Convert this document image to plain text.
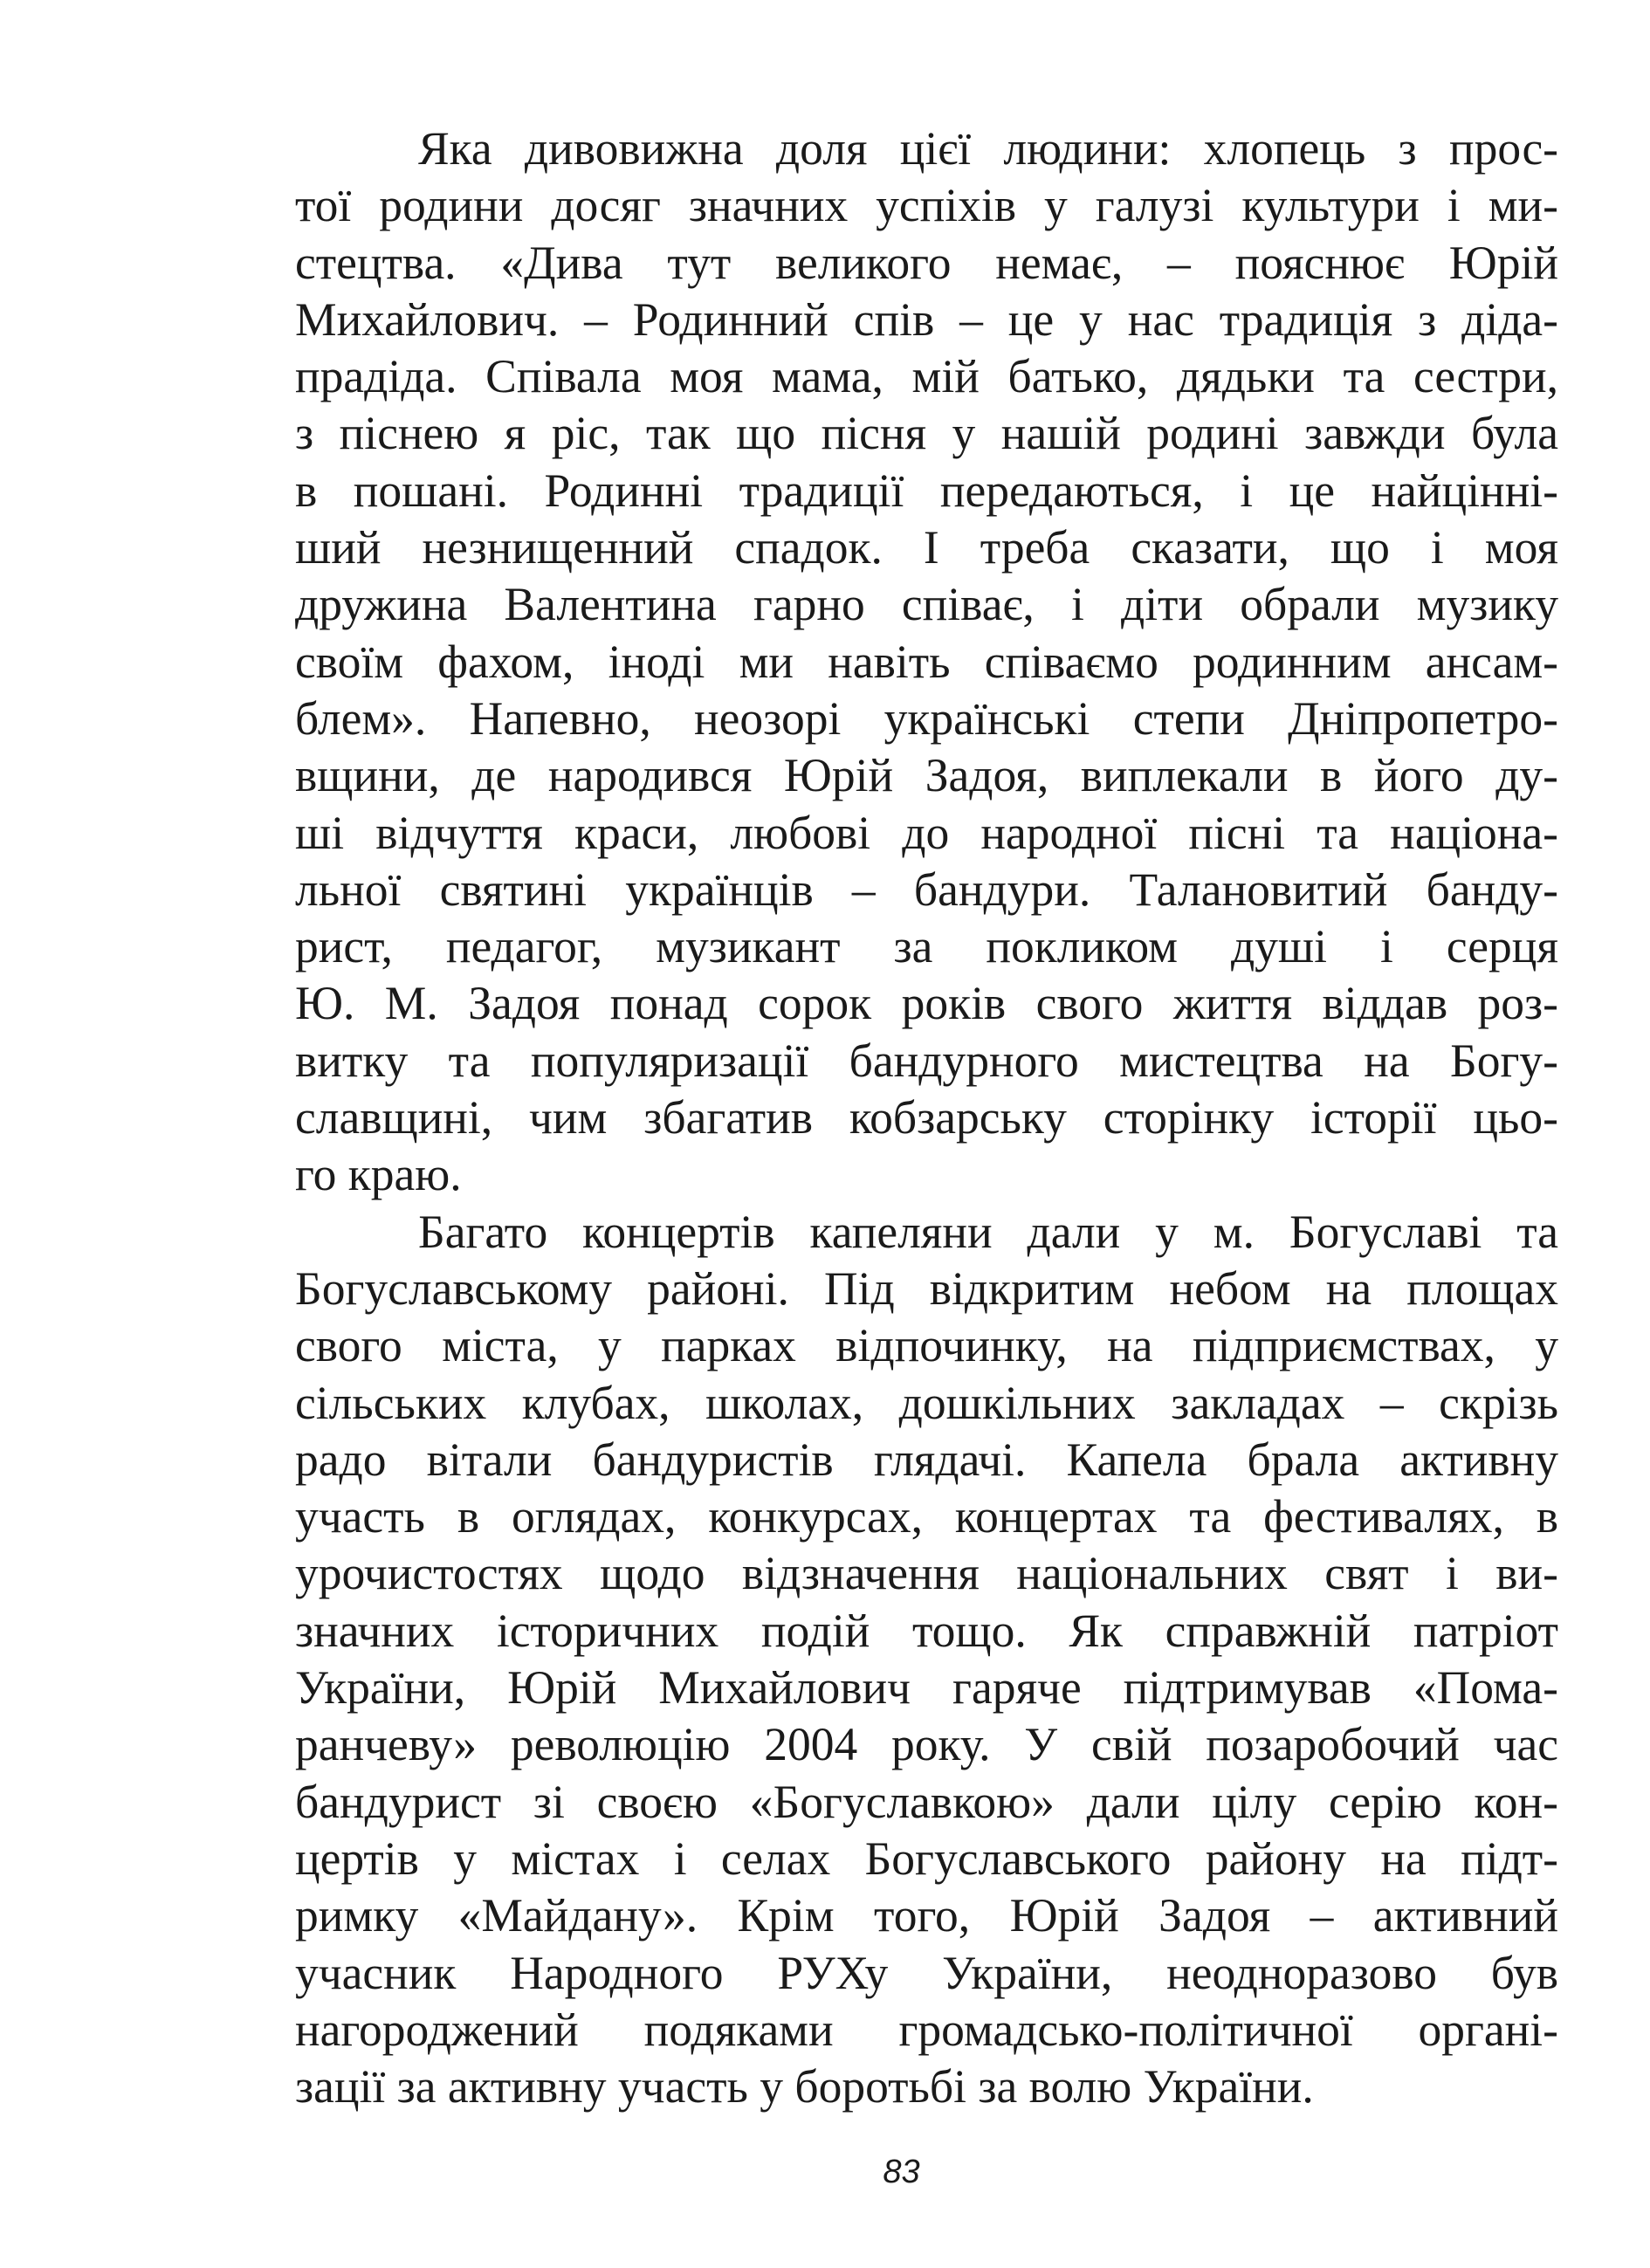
Яка дивовижна доля цієї людини: хлопець з прос-
тої родини досяг значних успіхів у галузі культури і ми-
стецтва. «Дива тут великого немає, – пояснює Юрій
Михайлович. – Родинний спів – це у нас традиція з діда-
прадіда. Співала моя мама, мій батько, дядьки та сестри,
з піснею я ріс, так що пісня у нашій родині завжди була
в пошані. Родинні традиції передаються, і це найцінні-
ший незнищенний спадок. І треба сказати, що і моя
дружина Валентина гарно співає, і діти обрали музику
своїм фахом, іноді ми навіть співаємо родинним ансам-
блем». Напевно, неозорі українські степи Дніпропетро-
вщини, де народився Юрій Задоя, виплекали в його ду-
ші відчуття краси, любові до народної пісні та націона-
льної святині українців – бандури. Талановитий банду-
рист, педагог, музикант за покликом душі і серця
Ю. М. Задоя понад сорок років свого життя віддав роз-
витку та популяризації бандурного мистецтва на Богу-
славщині, чим збагатив кобзарську сторінку історії цьо-
го краю.
Багато концертів капеляни дали у м. Богуславі та
Богуславському районі. Під відкритим небом на площах
свого міста, у парках відпочинку, на підприємствах, у
сільських клубах, школах, дошкільних закладах – скрізь
радо вітали бандуристів глядачі. Капела брала активну
участь в оглядах, конкурсах, концертах та фестивалях, в
урочистостях щодо відзначення національних свят і ви-
значних історичних подій тощо. Як справжній патріот
України, Юрій Михайлович гаряче підтримував «Пома-
ранчеву» революцію 2004 року. У свій позаробочий час
бандурист зі своєю «Богуславкою» дали цілу серію кон-
цертів у містах і селах Богуславського району на підт-
римку «Майдану». Крім того, Юрій Задоя – активний
учасник Народного РУХу України, неодноразово був
нагороджений подяками громадсько-політичної органі-
зації за активну участь у боротьбі за волю України.
83
